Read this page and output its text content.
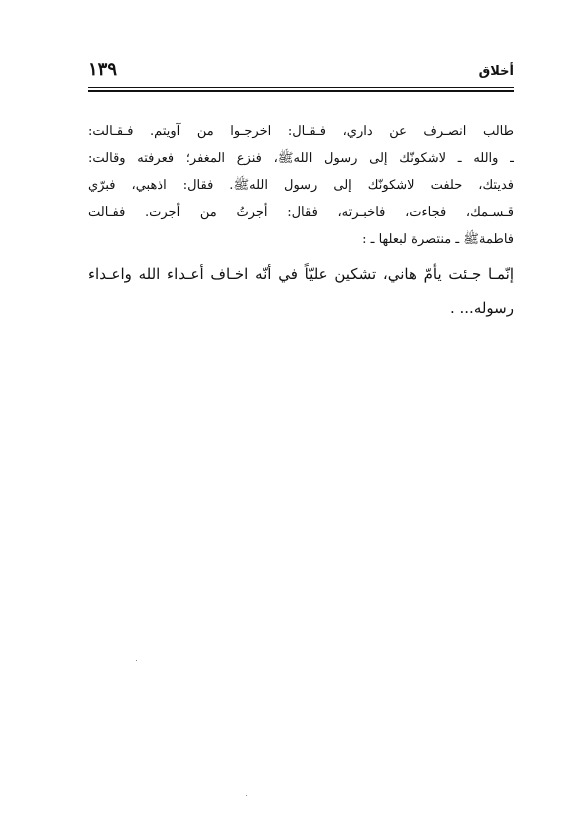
١٣٩	أخلاق
طالب انصـرف عن داري، فـقـال: اخرجـوا من آويتم. فـقـالت:
ـ والله ـ لاشكونّك إلى رسول اللهﷺ، فنزع المغفر؛ فعرفته وقالت:
فديتك، حلفت لاشكونّك إلى رسول اللهﷺ. فقال: اذهبي، فبرّي
قـسـمك، فجاءت، فاخبـرته، فقال: أجرتُ من أجرت. ففـالت
فاطمةﷺ ـ منتصرة لبعلها ـ :
إنّمـا جـئت يأمّ هاني، تشكين عليّاً في أنّه اخـاف أعـداء الله واعـداء
رسوله... .
